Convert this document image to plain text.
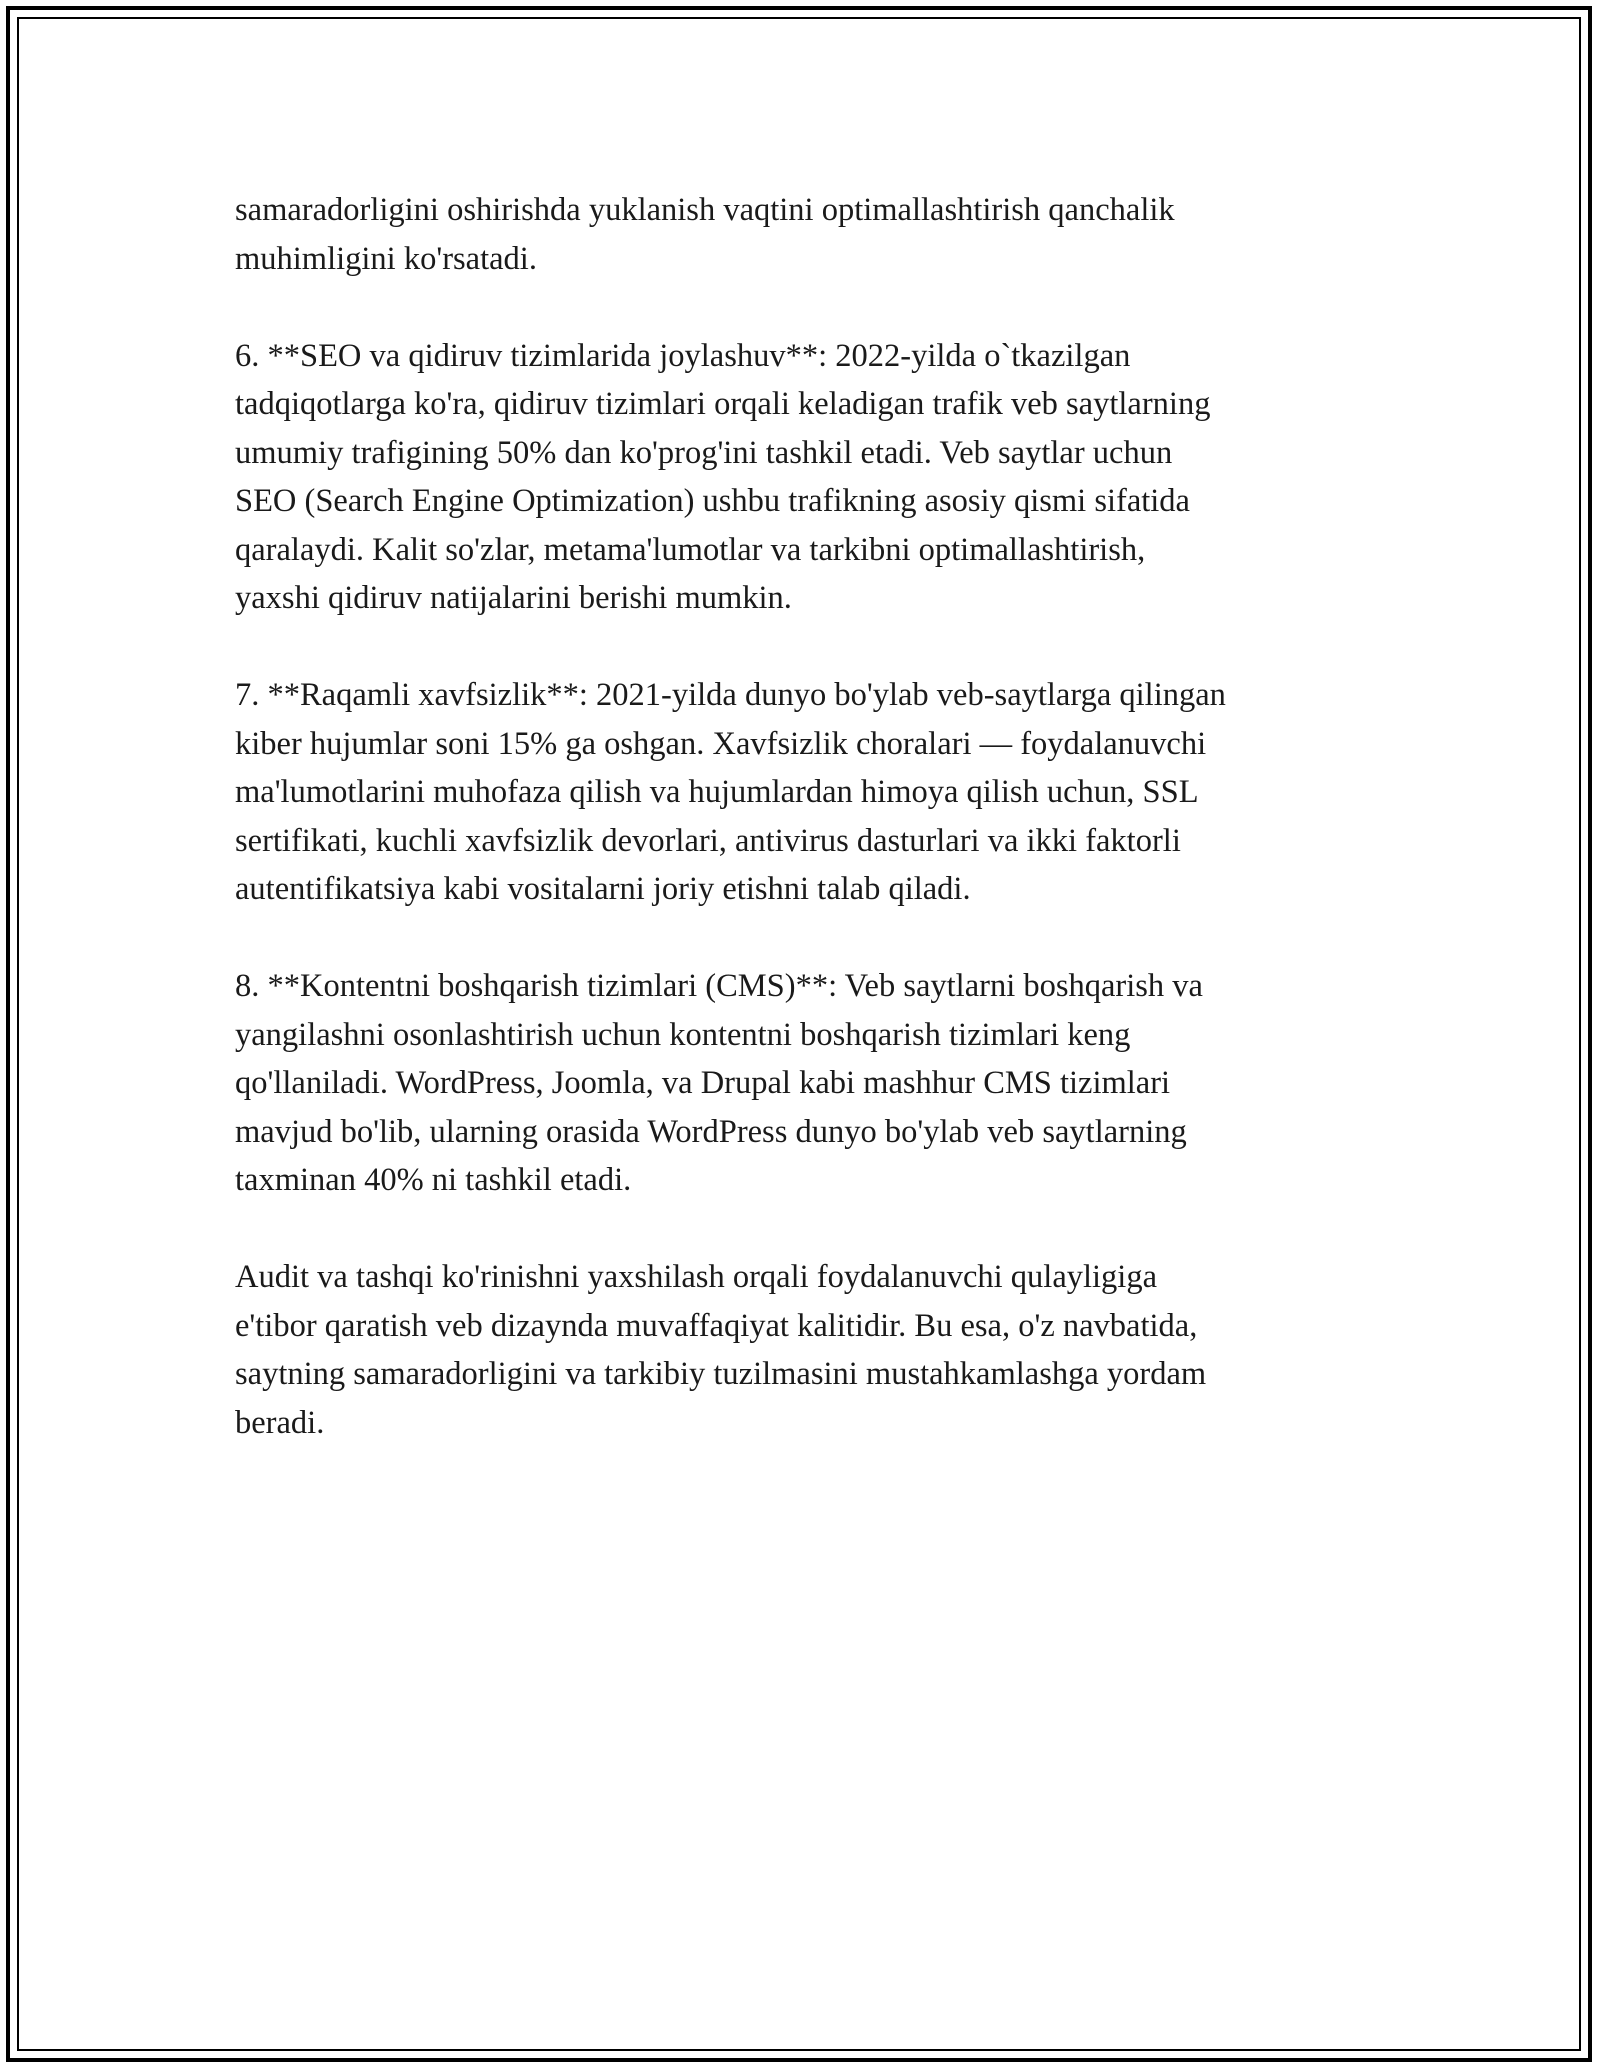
samaradorligini oshirishda yuklanish vaqtini optimallashtirish qanchalik
muhimligini ko'rsatadi.

6. **SEO va qidiruv tizimlarida joylashuv**: 2022-yilda o`tkazilgan
tadqiqotlarga ko'ra, qidiruv tizimlari orqali keladigan trafik veb saytlarning
umumiy trafigining 50% dan ko'prog'ini tashkil etadi. Veb saytlar uchun
SEO (Search Engine Optimization) ushbu trafikning asosiy qismi sifatida
qaralaydi. Kalit so'zlar, metama'lumotlar va tarkibni optimallashtirish,
yaxshi qidiruv natijalarini berishi mumkin.

7. **Raqamli xavfsizlik**: 2021-yilda dunyo bo'ylab veb-saytlarga qilingan
kiber hujumlar soni 15% ga oshgan. Xavfsizlik choralari — foydalanuvchi
ma'lumotlarini muhofaza qilish va hujumlardan himoya qilish uchun, SSL
sertifikati, kuchli xavfsizlik devorlari, antivirus dasturlari va ikki faktorli
autentifikatsiya kabi vositalarni joriy etishni talab qiladi.

8. **Kontentni boshqarish tizimlari (CMS)**: Veb saytlarni boshqarish va
yangilashni osonlashtirish uchun kontentni boshqarish tizimlari keng
qo'llaniladi. WordPress, Joomla, va Drupal kabi mashhur CMS tizimlari
mavjud bo'lib, ularning orasida WordPress dunyo bo'ylab veb saytlarning
taxminan 40% ni tashkil etadi.

Audit va tashqi ko'rinishni yaxshilash orqali foydalanuvchi qulayligiga
e'tibor qaratish veb dizaynda muvaffaqiyat kalitidir. Bu esa, o'z navbatida,
saytning samaradorligini va tarkibiy tuzilmasini mustahkamlashga yordam
beradi.
